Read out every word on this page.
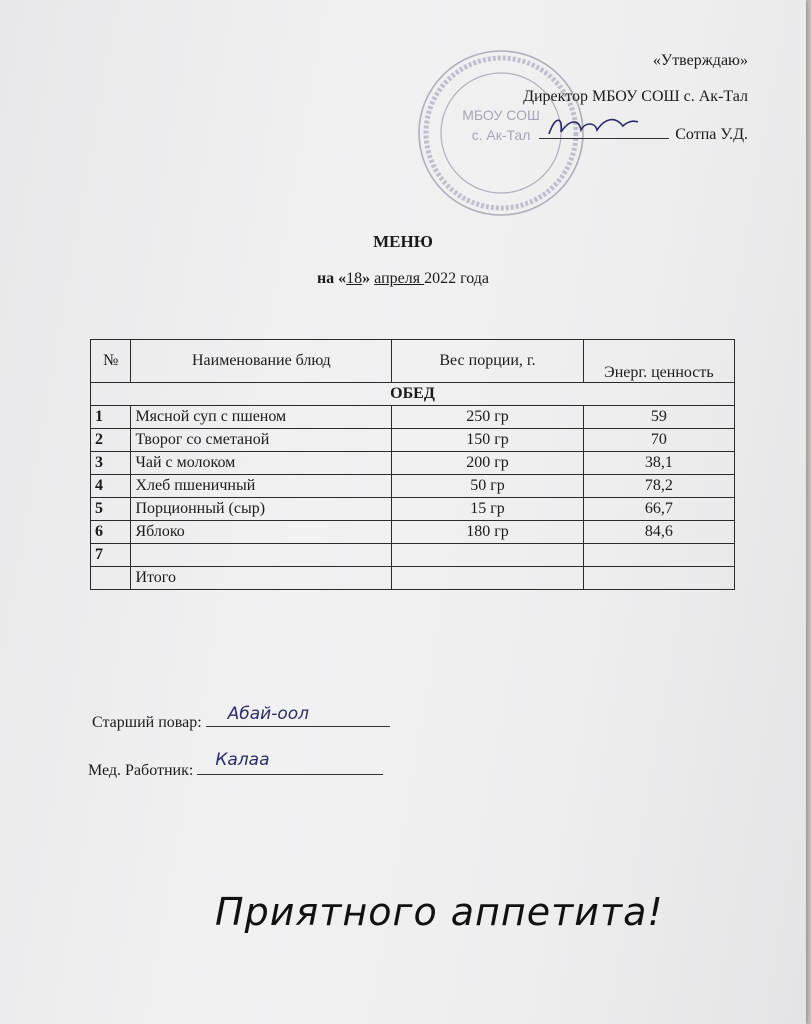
МБОУ СОШ
с. Ак-Тал
«Утверждаю»
Директор МБОУ СОШ с. Ак-Тал
Сотпа У.Д.
МЕНЮ
на «18» апреля 2022 года
№	Наименование блюд	Вес порции, г.	Энерг. ценность
ОБЕД			
1	Мясной суп с пшеном	250 гр	59
2	Творог со сметаной	150 гр	70
3	Чай с молоком	200 гр	38,1
4	Хлеб пшеничный	50 гр	78,2
5	Порционный (сыр)	15 гр	66,7
6	Яблоко	180 гр	84,6
7			
	Итого		
Старший повар: Абай-оол
Мед. Работник:
Калаа
Приятного аппетита!
